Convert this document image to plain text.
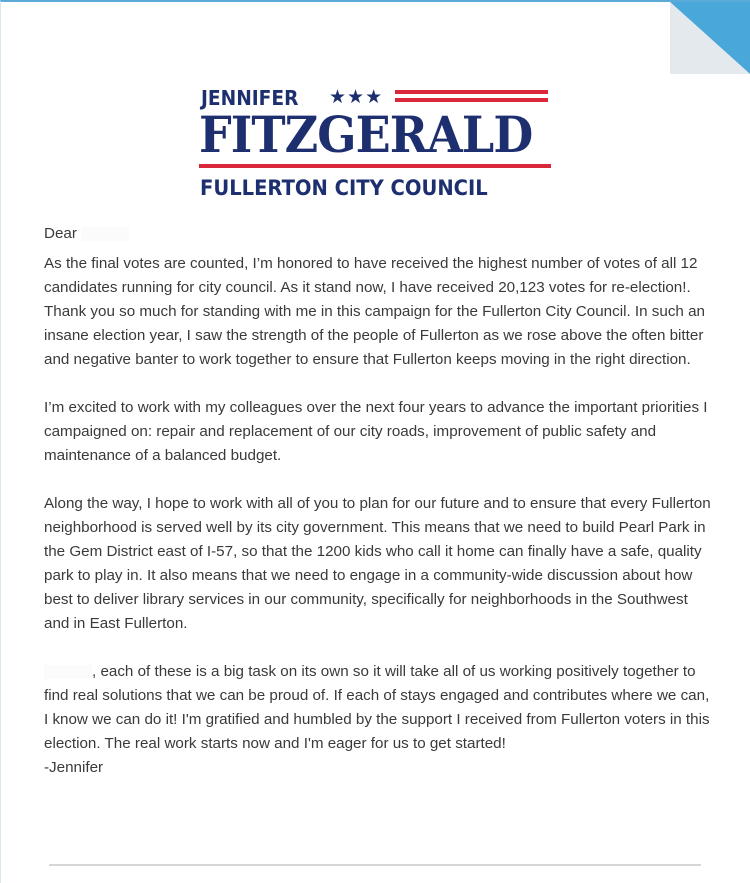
JENNIFER ★★★
FITZGERALD
FULLERTON CITY COUNCIL

Dear

As the final votes are counted, I’m honored to have received the highest number of votes of all 12 candidates running for city council. As it stand now, I have received 20,123 votes for re-election!. Thank you so much for standing with me in this campaign for the Fullerton City Council. In such an insane election year, I saw the strength of the people of Fullerton as we rose above the often bitter and negative banter to work together to ensure that Fullerton keeps moving in the right direction.

I’m excited to work with my colleagues over the next four years to advance the important priorities I campaigned on: repair and replacement of our city roads, improvement of public safety and maintenance of a balanced budget.

Along the way, I hope to work with all of you to plan for our future and to ensure that every Fullerton neighborhood is served well by its city government. This means that we need to build Pearl Park in the Gem District east of I-57, so that the 1200 kids who call it home can finally have a safe, quality park to play in. It also means that we need to engage in a community-wide discussion about how best to deliver library services in our community, specifically for neighborhoods in the Southwest and in East Fullerton.

, each of these is a big task on its own so it will take all of us working positively together to find real solutions that we can be proud of. If each of stays engaged and contributes where we can, I know we can do it! I'm gratified and humbled by the support I received from Fullerton voters in this election. The real work starts now and I'm eager for us to get started!

-Jennifer
